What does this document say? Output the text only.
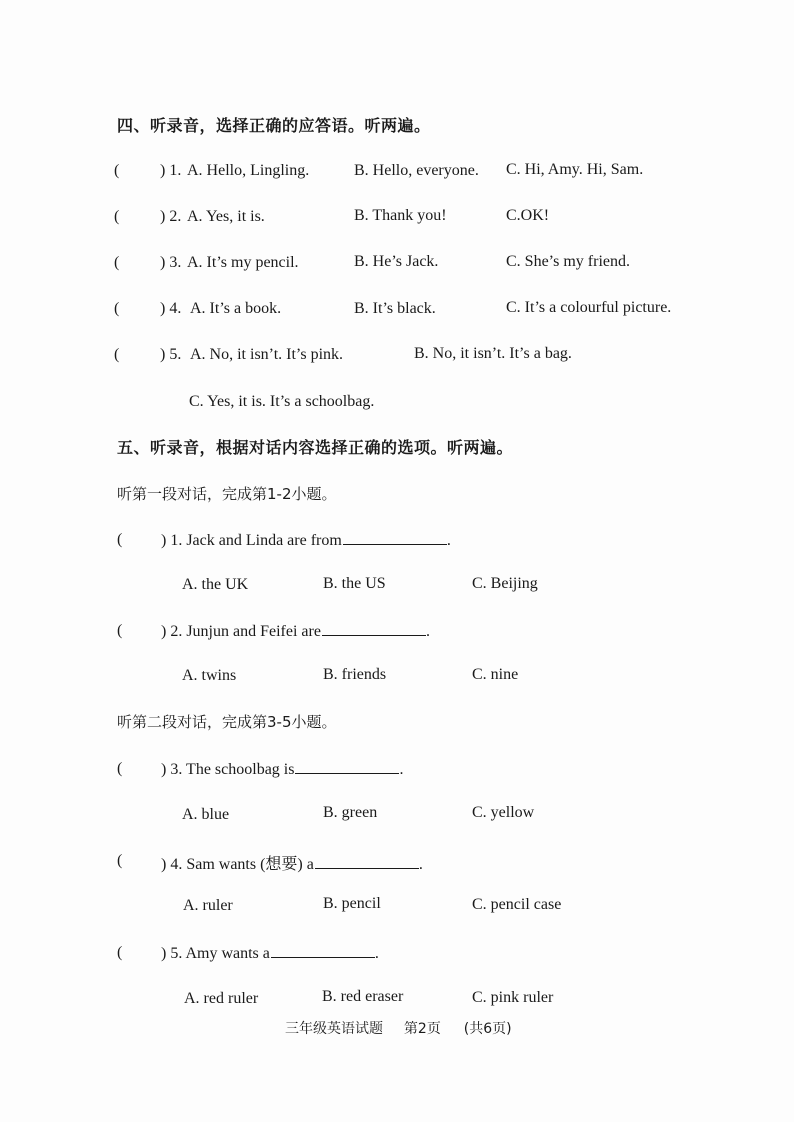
四、听录音，选择正确的应答语。听两遍。
(	) 1. A. Hello, Lingling.	B. Hello, everyone. C. Hi, Amy. Hi, Sam.
(	) 2. A. Yes, it is.	B. Thank you!	C.OK!
(	) 3. A. It’s my pencil.	B. He’s Jack.	C. She’s my friend.
(	) 4. A. It’s a book.	B. It’s black.	C. It’s a colourful picture.
(	) 5. A. No, it isn’t. It’s pink.	B. No, it isn’t. It’s a bag.
C. Yes, it is. It’s a schoolbag.
五、听录音，根据对话内容选择正确的选项。听两遍。
听第一段对话，完成第1-2小题。
( ) 1. Jack and Linda are from	.
A. the UK	B. the US	C. Beijing
( ) 2. Junjun and Feifei are	.
A. twins	B. friends	C. nine
听第二段对话，完成第3-5小题。
( ) 3. The schoolbag is	.
A. blue	B. green	C. yellow
( ) 4. Sam wants (想要) a	.
A. ruler	B. pencil	C. pencil case
( ) 5. Amy wants a	.
A. red ruler	B. red eraser	C. pink ruler
三年级英语试题 第2页 (共6页)
